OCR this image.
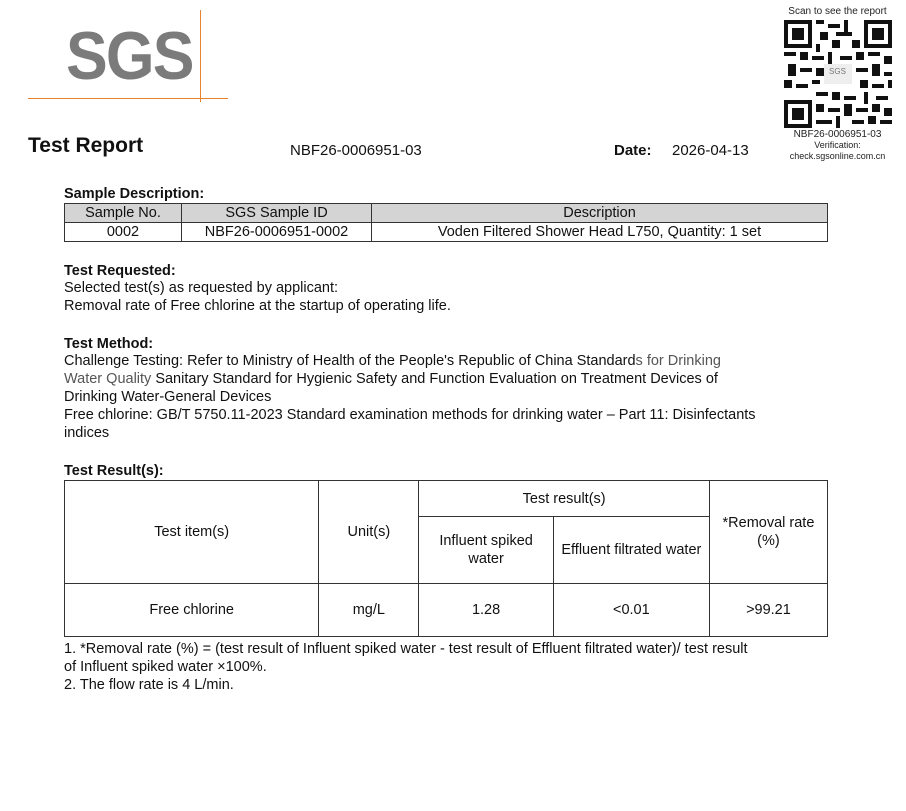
SGS
Scan to see the report
SGS
NBF26-0006951-03
Verification:
check.sgsonline.com.cn
Test Report	NBF26-0006951-03	Date: 2026-04-13
Sample Description:
Sample No.	SGS Sample ID	Description
0002	NBF26-0006951-0002	Voden Filtered Shower Head L750, Quantity: 1 set
Test Requested:
Selected test(s) as requested by applicant:
Removal rate of Free chlorine at the startup of operating life.
Test Method:
Challenge Testing: Refer to Ministry of Health of the People's Republic of China Standards for Drinking
Water Quality Sanitary Standard for Hygienic Safety and Function Evaluation on Treatment Devices of
Drinking Water-General Devices
Free chlorine: GB/T 5750.11-2023 Standard examination methods for drinking water – Part 11: Disinfectants
indices
Test Result(s):
Test item(s)	Unit(s)	Test result(s)		*Removal rate (%)
		Influent spiked water	Effluent filtrated water	
Free chlorine	mg/L	1.28	<0.01	>99.21
1. *Removal rate (%) = (test result of Influent spiked water - test result of Effluent filtrated water)/ test result
of Influent spiked water ×100%.
2. The flow rate is 4 L/min.
